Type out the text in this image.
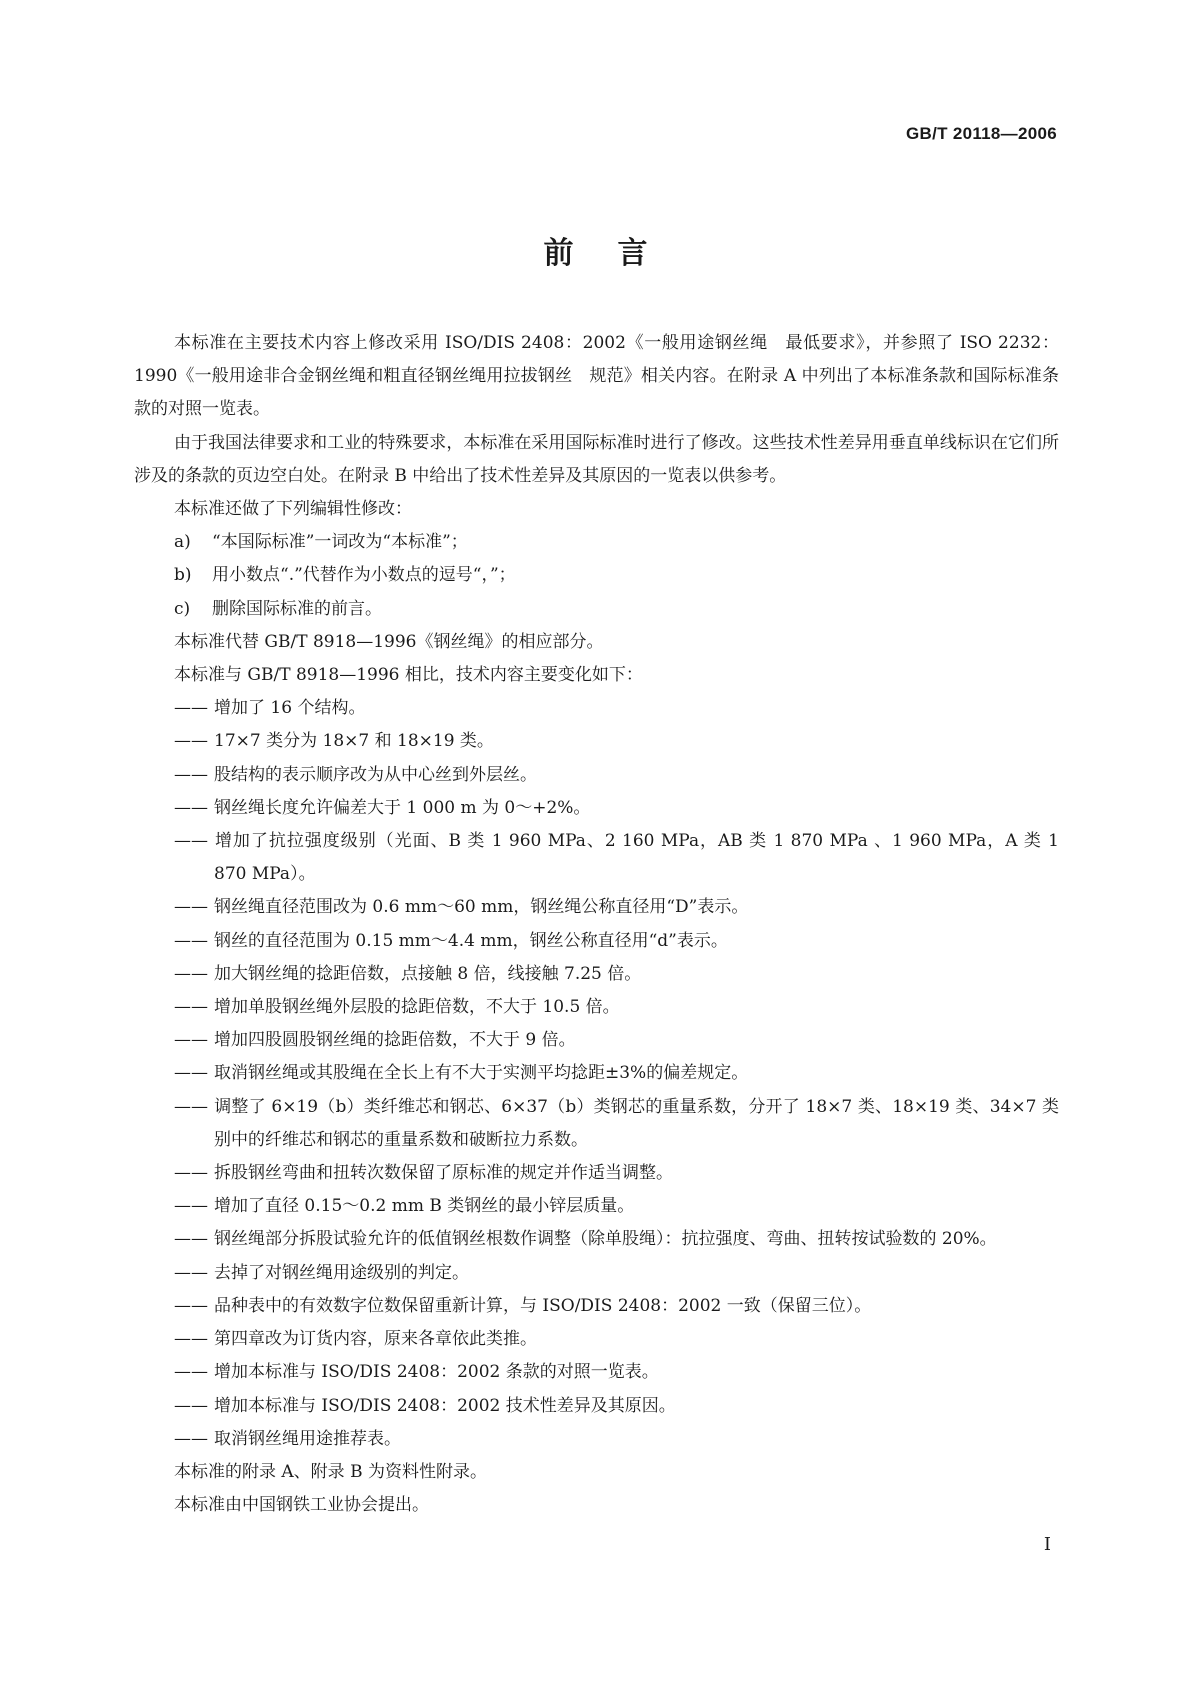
GB/T 20118—2006
前言

本标准在主要技术内容上修改采用 ISO/DIS 2408：2002《一般用途钢丝绳　最低要求》，并参照了 ISO 2232：1990《一般用途非合金钢丝绳和粗直径钢丝绳用拉拔钢丝　规范》相关内容。在附录 A 中列出了本标准条款和国际标准条款的对照一览表。

由于我国法律要求和工业的特殊要求，本标准在采用国际标准时进行了修改。这些技术性差异用垂直单线标识在它们所涉及的条款的页边空白处。在附录 B 中给出了技术性差异及其原因的一览表以供参考。

本标准还做了下列编辑性修改：

a) “本国际标准”一词改为“本标准”；

b) 用小数点“.”代替作为小数点的逗号“，”；

c) 删除国际标准的前言。

本标准代替 GB/T 8918—1996《钢丝绳》的相应部分。

本标准与 GB/T 8918—1996 相比，技术内容主要变化如下：

—— 增加了 16 个结构。

—— 17×7 类分为 18×7 和 18×19 类。

—— 股结构的表示顺序改为从中心丝到外层丝。

—— 钢丝绳长度允许偏差大于 1 000 m 为 0～+2%。

—— 增加了抗拉强度级别（光面、B 类 1 960 MPa、2 160 MPa，AB 类 1 870 MPa 、1 960 MPa，A 类 1 870 MPa）。

—— 钢丝绳直径范围改为 0.6 mm～60 mm，钢丝绳公称直径用“D”表示。

—— 钢丝的直径范围为 0.15 mm～4.4 mm，钢丝公称直径用“d”表示。

—— 加大钢丝绳的捻距倍数，点接触 8 倍，线接触 7.25 倍。

—— 增加单股钢丝绳外层股的捻距倍数，不大于 10.5 倍。

—— 增加四股圆股钢丝绳的捻距倍数，不大于 9 倍。

—— 取消钢丝绳或其股绳在全长上有不大于实测平均捻距±3%的偏差规定。

—— 调整了 6×19（b）类纤维芯和钢芯、6×37（b）类钢芯的重量系数，分开了 18×7 类、18×19 类、34×7 类别中的纤维芯和钢芯的重量系数和破断拉力系数。

—— 拆股钢丝弯曲和扭转次数保留了原标准的规定并作适当调整。

—— 增加了直径 0.15～0.2 mm B 类钢丝的最小锌层质量。

—— 钢丝绳部分拆股试验允许的低值钢丝根数作调整（除单股绳）：抗拉强度、弯曲、扭转按试验数的 20%。

—— 去掉了对钢丝绳用途级别的判定。

—— 品种表中的有效数字位数保留重新计算，与 ISO/DIS 2408：2002 一致（保留三位）。

—— 第四章改为订货内容，原来各章依此类推。

—— 增加本标准与 ISO/DIS 2408：2002 条款的对照一览表。

—— 增加本标准与 ISO/DIS 2408：2002 技术性差异及其原因。

—— 取消钢丝绳用途推荐表。

本标准的附录 A、附录 B 为资料性附录。

本标准由中国钢铁工业协会提出。

I
